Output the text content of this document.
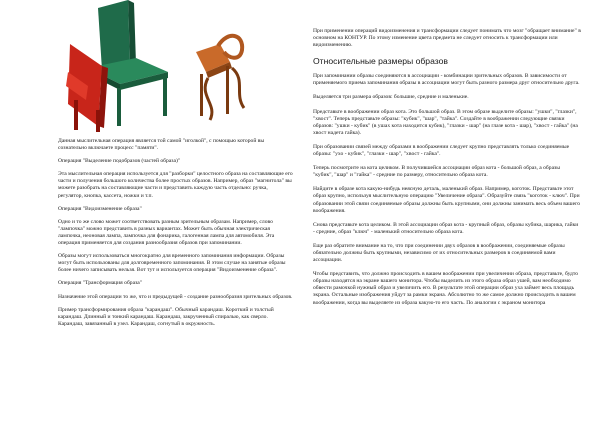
Данная мыслительная операция является той самой "иголкой", с помощью которой вы сознательно включаете процесс "памяти".

Операция "Выделение подобразов (частей образа)"

Эта мыслительная операция используется для "разборки" целостного образа на составляющие его части и получения большого количества более простых образов. Например, образ "магнитола" вы можете разобрать на составляющие части и представить каждую часть отдельно: ручка, регулятор, кнопка, кассета, ножки и т.п.

Операция "Видоизменение образа"

Одно и то же слово может соответствовать разным зрительным образам. Например, слово "лампочка" можно представить в разных вариантах. Может быть обычная электрическая лампочка, неоновая лампа, лампочка для фонарика, галогенная лампа для автомобиля. Эта операция применяется для создания разнообразия образов при запоминании.

Образы могут использоваться многократно для временного запоминания информации. Образы могут быть использованы для долговременного запоминания. В этом случае на занятые образы более ничего записывать нельзя. Вот тут и используется операция "Видоизменение образа".

Операция "Трансформация образа"

Назначение этой операции то же, что и предыдущей - создание разнообразия зрительных образов.

Пример трансформирования образа "карандаш". Обычный карандаш. Короткий и толстый карандаш. Длинный и тонкий карандаш. Карандаш, закрученный спиралью, как сверло. Карандаш, завязанный в узел. Карандаш, согнутый в окружность.

При применении операций видоизменения и трансформации следует понимать что мозг "обращает внимание" в основном на КОНТУР. По этому изменение цвета предмета не следует относить к трансформации или видоизменению.

Относительные размеры образов

При запоминании образы соединяются в ассоциации - комбинации зрительных образов. В зависимости от применяемого приема запоминания образы в ассоциации могут быть разного размера друг относительно друга.

Выделяется три размера образов: большие, средние и маленькие.

Представьте в воображении образ кота. Это большой образ. В этом образе выделите образы: "ушки", "глазки", "хвост". Теперь представьте образы: "кубик", "шар", "тайка". Создайте в воображении следующие связки образов: "ушки - кубик" (в ушах кота находится кубик), "глазки - шар" (на глазе кота - шар), "хвост - гайка" (на хвост надета гайка).

При образовании связей между образами в воображении следует крупно представлять только соединяемые образы: "ухо - кубик", "глазки - шар", "хвост - гайка".

Теперь посмотрите на кота целиком. В получившейся ассоциации образ кота - большой образ, а образы "кубик", "шар" и "гайка" - средние по размеру, относительно образа кота.

Найдите в образе кота какую-нибудь неясную деталь, маленький образ. Например, коготок. Представьте этот образ крупно, используя мыслительную операцию "Увеличение образа". Образуйте связь "коготок - ключ". При образовании этой связи соединяемые образы должны быть крупными, они должны занимать весь объем вашего воображения.

Снова представьте кота целиком. В этой ассоциации образ кота - крупный образ, образы кубика, шарика, гайки - средние, образ "ключ" - маленький относительно образа кота.

Еще раз обратите внимание на то, что при соединении двух образов в воображении, соединяемые образы обязательно должны быть крупными, независимо от их относительных размеров в соединяемой вами ассоциации.

Чтобы представить, что должно происходить в вашем воображении при увеличении образа, представьте, будто образы находятся на экране вашего монитора. Чтобы выделить из этого образа образ ушей, вам необходимо обвести рамочкой нужный образ и увеличить его. В результате этой операции образ уха займет весь площадь экрана. Остальные изображения уйдут за рамки экрана. Абсолютно то же самое должно происходить в вашем воображении, когда вы выделяете из образа какую-то его часть. По аналогии с экраном монитора
